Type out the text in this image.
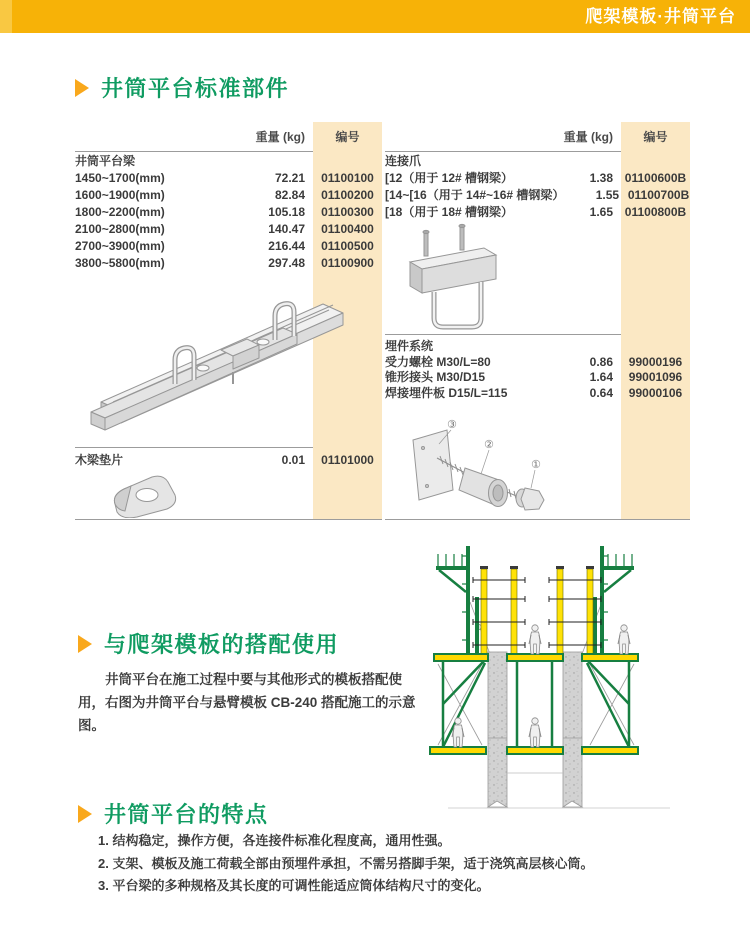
爬架模板·井筒平台
井筒平台标准部件
重量 (kg)	编号
井筒平台梁
1450~1700(mm)	72.21	01100100
1600~1900(mm)	82.84	01100200
1800~2200(mm)	105.18	01100300
2100~2800(mm)	140.47	01100400
2700~3900(mm)	216.44	01100500
3800~5800(mm)	297.48	01100900
木梁垫片	0.01	01101000
重量 (kg)	编号
连接爪
[12（用于 12# 槽钢梁）	1.38 01100600B
[14~[16（用于 14#~16# 槽钢梁）	1.55 01100700B
[18（用于 18# 槽钢梁）	1.65 01100800B
埋件系统
受力螺栓 M30/L=80	0.86	99000196
锥形接头 M30/D15	1.64	99001096
焊接埋件板 D15/L=115	0.64	99000106
③
②
①
与爬架模板的搭配使用

井筒平台在施工过程中要与其他形式的模板搭配使用，右图为井筒平台与悬臂模板 CB-240 搭配施工的示意图。

井筒平台的特点
1. 结构稳定，操作方便，各连接件标准化程度高，通用性强。
2. 支架、模板及施工荷载全部由预埋件承担，不需另搭脚手架，适于浇筑高层核心筒。
3. 平台梁的多种规格及其长度的可调性能适应筒体结构尺寸的变化。
